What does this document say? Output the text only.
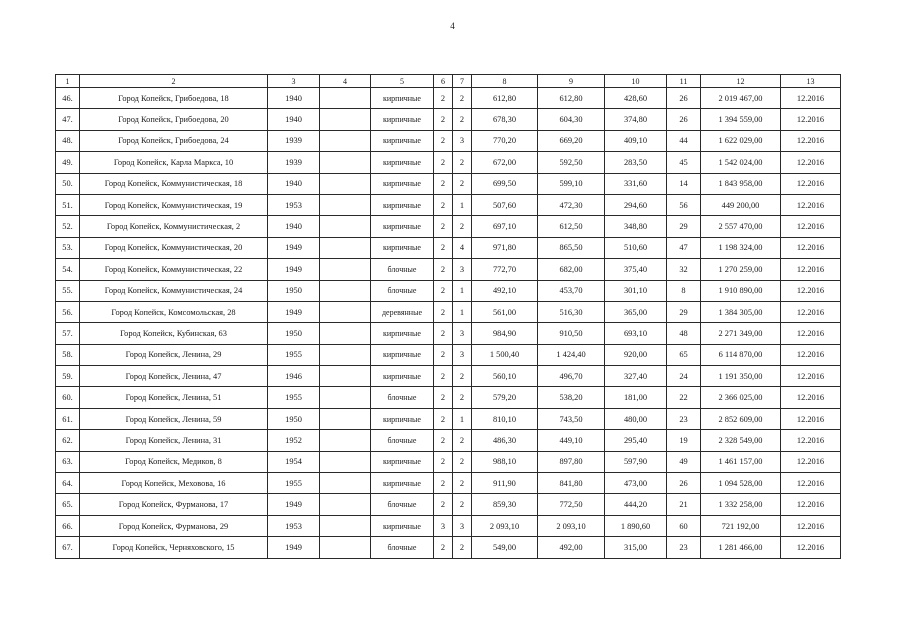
4
1	2	3	4	5	6	7	8	9	10	11	12	13
46.	Город Копейск, Грибоедова, 18	1940		кирпичные	2	2	612,80	612,80	428,60	26	2 019 467,00	12.2016
47.	Город Копейск, Грибоедова, 20	1940		кирпичные	2	2	678,30	604,30	374,80	26	1 394 559,00	12.2016
48.	Город Копейск, Грибоедова, 24	1939		кирпичные	2	3	770,20	669,20	409,10	44	1 622 029,00	12.2016
49.	Город Копейск, Карла Маркса, 10	1939		кирпичные	2	2	672,00	592,50	283,50	45	1 542 024,00	12.2016
50.	Город Копейск, Коммунистическая, 18	1940		кирпичные	2	2	699,50	599,10	331,60	14	1 843 958,00	12.2016
51.	Город Копейск, Коммунистическая, 19	1953		кирпичные	2	1	507,60	472,30	294,60	56	449 200,00	12.2016
52.	Город Копейск, Коммунистическая, 2	1940		кирпичные	2	2	697,10	612,50	348,80	29	2 557 470,00	12.2016
53.	Город Копейск, Коммунистическая, 20	1949		кирпичные	2	4	971,80	865,50	510,60	47	1 198 324,00	12.2016
54.	Город Копейск, Коммунистическая, 22	1949		блочные	2	3	772,70	682,00	375,40	32	1 270 259,00	12.2016
55.	Город Копейск, Коммунистическая, 24	1950		блочные	2	1	492,10	453,70	301,10	8	1 910 890,00	12.2016
56.	Город Копейск, Комсомольская, 28	1949		деревянные	2	1	561,00	516,30	365,00	29	1 384 305,00	12.2016
57.	Город Копейск, Кубинская, 63	1950		кирпичные	2	3	984,90	910,50	693,10	48	2 271 349,00	12.2016
58.	Город Копейск, Ленина, 29	1955		кирпичные	2	3	1 500,40	1 424,40	920,00	65	6 114 870,00	12.2016
59.	Город Копейск, Ленина, 47	1946		кирпичные	2	2	560,10	496,70	327,40	24	1 191 350,00	12.2016
60.	Город Копейск, Ленина, 51	1955		блочные	2	2	579,20	538,20	181,00	22	2 366 025,00	12.2016
61.	Город Копейск, Ленина, 59	1950		кирпичные	2	1	810,10	743,50	480,00	23	2 852 609,00	12.2016
62.	Город Копейск, Ленина, 31	1952		блочные	2	2	486,30	449,10	295,40	19	2 328 549,00	12.2016
63.	Город Копейск, Медиков, 8	1954		кирпичные	2	2	988,10	897,80	597,90	49	1 461 157,00	12.2016
64.	Город Копейск, Меховова, 16	1955		кирпичные	2	2	911,90	841,80	473,00	26	1 094 528,00	12.2016
65.	Город Копейск, Фурманова, 17	1949		блочные	2	2	859,30	772,50	444,20	21	1 332 258,00	12.2016
66.	Город Копейск, Фурманова, 29	1953		кирпичные	3	3	2 093,10	2 093,10	1 890,60	60	721 192,00	12.2016
67.	Город Копейск, Черняховского, 15	1949		блочные	2	2	549,00	492,00	315,00	23	1 281 466,00	12.2016
